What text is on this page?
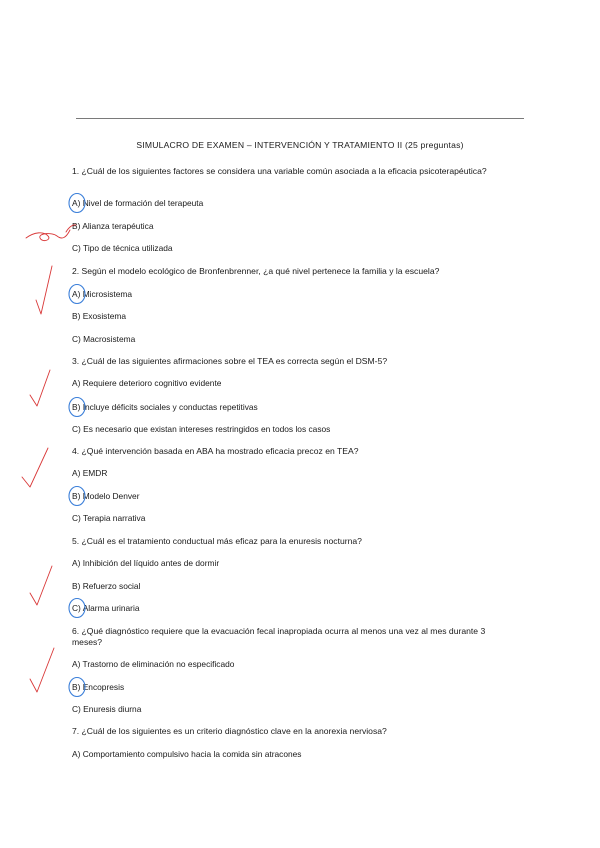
SIMULACRO DE EXAMEN – INTERVENCIÓN Y TRATAMIENTO II (25 preguntas)
1. ¿Cuál de los siguientes factores se considera una variable común asociada a la eficacia psicoterapéutica?
A) Nivel de formación del terapeuta
B) Alianza terapéutica
C) Tipo de técnica utilizada
2. Según el modelo ecológico de Bronfenbrenner, ¿a qué nivel pertenece la familia y la escuela?
A) Microsistema
B) Exosistema
C) Macrosistema
3. ¿Cuál de las siguientes afirmaciones sobre el TEA es correcta según el DSM-5?
A) Requiere deterioro cognitivo evidente
B) Incluye déficits sociales y conductas repetitivas
C) Es necesario que existan intereses restringidos en todos los casos
4. ¿Qué intervención basada en ABA ha mostrado eficacia precoz en TEA?
A) EMDR
B) Modelo Denver
C) Terapia narrativa
5. ¿Cuál es el tratamiento conductual más eficaz para la enuresis nocturna?
A) Inhibición del líquido antes de dormir
B) Refuerzo social
C) Alarma urinaria
6. ¿Qué diagnóstico requiere que la evacuación fecal inapropiada ocurra al menos una vez al mes durante 3 meses?
A) Trastorno de eliminación no especificado
B) Encopresis
C) Enuresis diurna
7. ¿Cuál de los siguientes es un criterio diagnóstico clave en la anorexia nerviosa?
A) Comportamiento compulsivo hacia la comida sin atracones
